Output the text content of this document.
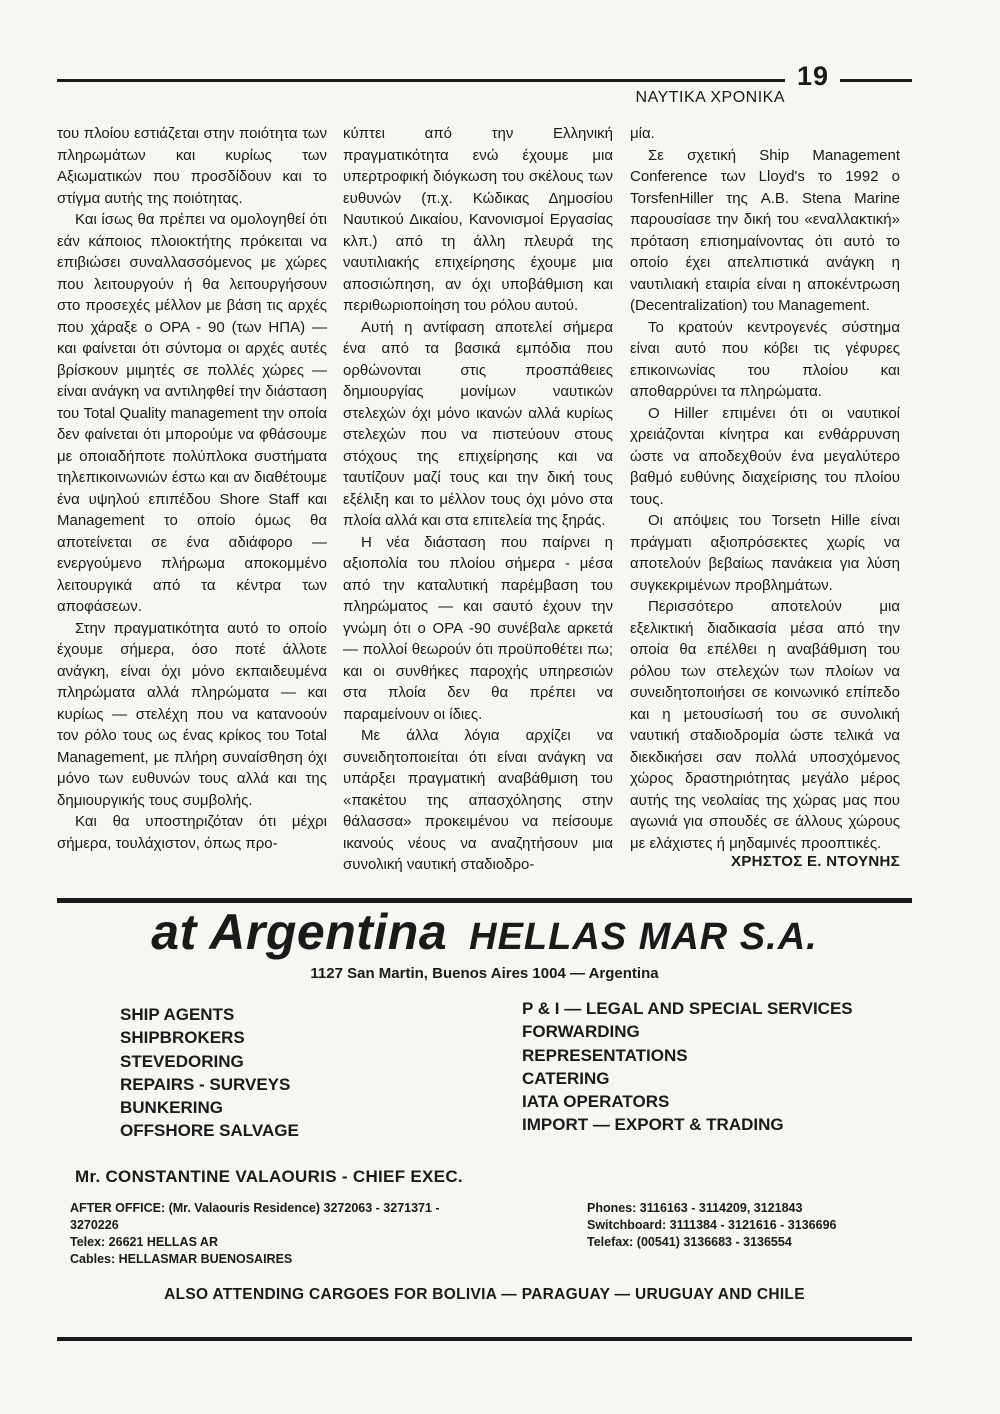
19
ΝΑΥΤΙΚΑ ΧΡΟΝΙΚΑ

του πλοίου εστιάζεται στην ποιότητα των πληρωμάτων και κυρίως των Αξιωματικών που προσδίδουν και το στίγμα αυτής της ποιότητας.

Και ίσως θα πρέπει να ομολογηθεί ότι εάν κάποιος πλοιοκτήτης πρόκειται να επιβιώσει συναλλασσόμενος με χώρες που λειτουργούν ή θα λειτουργήσουν στο προσεχές μέλλον με βάση τις αρχές που χάραξε ο ΟΡΑ - 90 (των ΗΠΑ) — και φαίνεται ότι σύντομα οι αρχές αυτές βρίσκουν μιμητές σε πολλές χώρες — είναι ανάγκη να αντιληφθεί την διάσταση του Total Quality management την οποία δεν φαίνεται ότι μπορούμε να φθάσουμε με οποιαδήποτε πολύπλοκα συστήματα τηλεπικοινωνιών έστω και αν διαθέτουμε ένα υψηλού επιπέδου Shore Staff και Management το οποίο όμως θα αποτείνεται σε ένα αδιάφορο — ενεργούμενο πλήρωμα αποκομμένο λειτουργικά από τα κέντρα των αποφάσεων.

Στην πραγματικότητα αυτό το οποίο έχουμε σήμερα, όσο ποτέ άλλοτε ανάγκη, είναι όχι μόνο εκπαιδευμένα πληρώματα αλλά πληρώματα — και κυρίως — στελέχη που να κατανοούν τον ρόλο τους ως ένας κρίκος του Total Management, με πλήρη συναίσθηση όχι μόνο των ευθυνών τους αλλά και της δημιουργικής τους συμβολής.

Και θα υποστηριζόταν ότι μέχρι σήμερα, τουλάχιστον, όπως προ-

κύπτει από την Ελληνική πραγματικότητα ενώ έχουμε μια υπερτροφική διόγκωση του σκέλους των ευθυνών (π.χ. Κώδικας Δημοσίου Ναυτικού Δικαίου, Κανονισμοί Εργασίας κλπ.) από τη άλλη πλευρά της ναυτιλιακής επιχείρησης έχουμε μια αποσιώπηση, αν όχι υποβάθμιση και περιθωριοποίηση του ρόλου αυτού.

Αυτή η αντίφαση αποτελεί σήμερα ένα από τα βασικά εμπόδια που ορθώνονται στις προσπάθειες δημιουργίας μονίμων ναυτικών στελεχών όχι μόνο ικανών αλλά κυρίως στελεχών που να πιστεύουν στους στόχους της επιχείρησης και να ταυτίζουν μαζί τους και την δική τους εξέλιξη και το μέλλον τους όχι μόνο στα πλοία αλλά και στα επιτελεία της ξηράς.

Η νέα διάσταση που παίρνει η αξιοπολία του πλοίου σήμερα - μέσα από την καταλυτική παρέμβαση του πληρώματος — και σαυτό έχουν την γνώμη ότι ο ΟΡΑ -90 συνέβαλε αρκετά — πολλοί θεωρούν ότι προϋποθέτει πω; και οι συνθήκες παροχής υπηρεσιών στα πλοία δεν θα πρέπει να παραμείνουν οι ίδιες.

Με άλλα λόγια αρχίζει να συνειδητοποιείται ότι είναι ανάγκη να υπάρξει πραγματική αναβάθμιση του «πακέτου της απασχόλησης στην θάλασσα» προκειμένου να πείσουμε ικανούς νέους να αναζητήσουν μια συνολική ναυτική σταδιοδρο-

μία.

Σε σχετική Ship Management Conference των Lloyd's το 1992 ο TorsfenHiller της A.B. Stena Marine παρουσίασε την δική του «εναλλακτική» πρόταση επισημαίνοντας ότι αυτό το οποίο έχει απελπιστικά ανάγκη η ναυτιλιακή εταιρία είναι η αποκέντρωση (Decentralization) του Management.

Το κρατούν κεντρογενές σύστημα είναι αυτό που κόβει τις γέφυρες επικοινωνίας του πλοίου και αποθαρρύνει τα πληρώματα.

Ο Hiller επιμένει ότι οι ναυτικοί χρειάζονται κίνητρα και ενθάρρυνση ώστε να αποδεχθούν ένα μεγαλύτερο βαθμό ευθύνης διαχείρισης του πλοίου τους.

Οι απόψεις του Torsetn Hille είναι πράγματι αξιοπρόσεκτες χωρίς να αποτελούν βεβαίως πανάκεια για λύση συγκεκριμένων προβλημάτων.

Περισσότερο αποτελούν μια εξελικτική διαδικασία μέσα από την οποία θα επέλθει η αναβάθμιση του ρόλου των στελεχών των πλοίων να συνειδητοποιήσει σε κοινωνικό επίπεδο και η μετουσίωσή του σε συνολική ναυτική σταδιοδρομία ώστε τελικά να διεκδικήσει σαν πολλά υποσχόμενος χώρος δραστηριότητας μεγάλο μέρος αυτής της νεολαίας της χώρας μας που αγωνιά για σπουδές σε άλλους χώρους με ελάχιστες ή μηδαμινές προοπτικές.

ΧΡΗΣΤΟΣ Ε. ΝΤΟΥΝΗΣ
at Argentina HELLAS MAR S.A.
1127 San Martin, Buenos Aires 1004 — Argentina
SHIP AGENTS
SHIPBROKERS
STEVEDORING
REPAIRS - SURVEYS
BUNKERING
OFFSHORE SALVAGE
P & I — LEGAL AND SPECIAL SERVICES
FORWARDING
REPRESENTATIONS
CATERING
IATA OPERATORS
IMPORT — EXPORT & TRADING
Mr. CONSTANTINE VALAOURIS - CHIEF EXEC.
AFTER OFFICE: (Mr. Valaouris Residence) 3272063 - 3271371 -
3270226
Telex: 26621 HELLAS AR
Cables: HELLASMAR BUENOSAIRES
Phones: 3116163 - 3114209, 3121843
Switchboard: 3111384 - 3121616 - 3136696
Telefax: (00541) 3136683 - 3136554
ALSO ATTENDING CARGOES FOR BOLIVIA — PARAGUAY — URUGUAY AND CHILE
